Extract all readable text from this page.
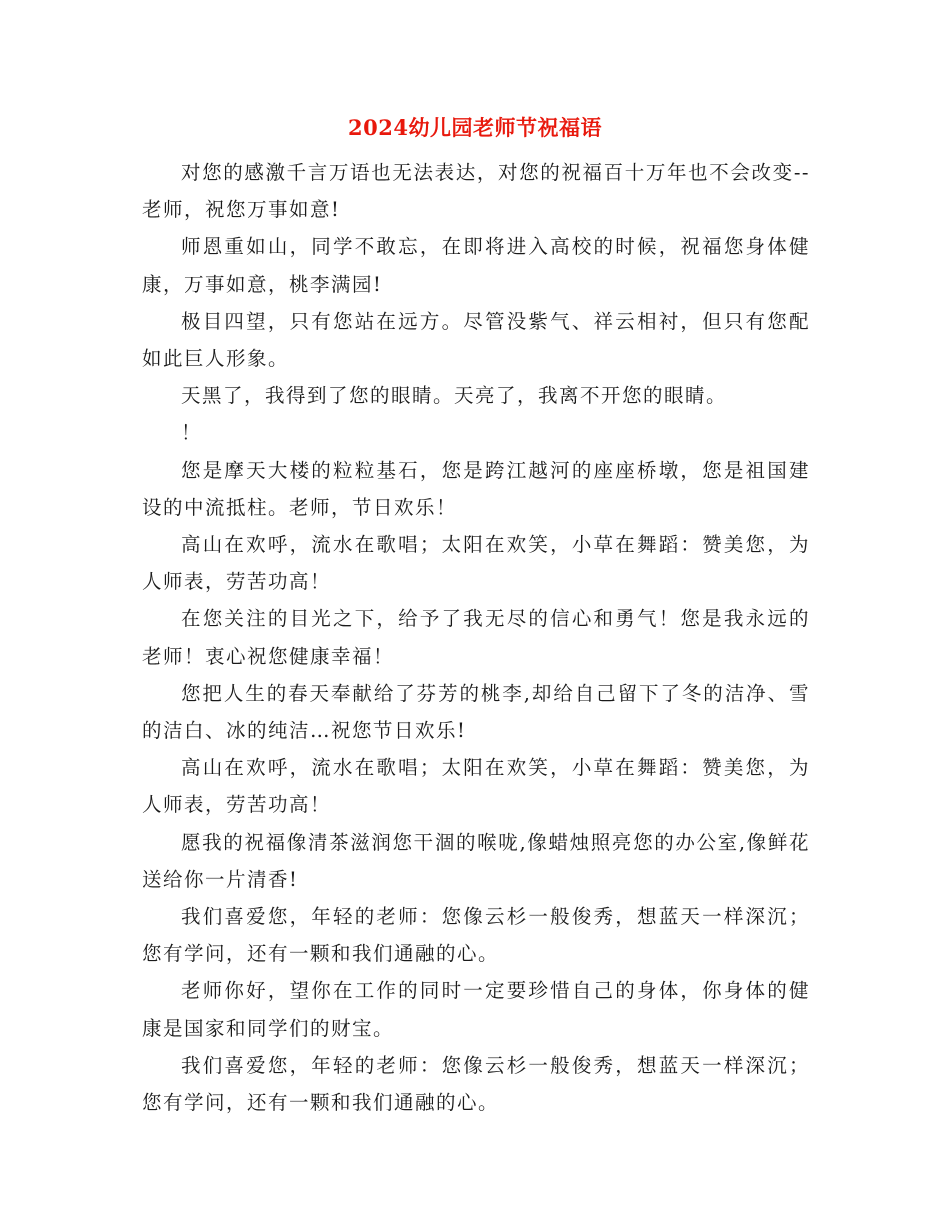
2024幼儿园老师节祝福语

对您的感激千言万语也无法表达，对您的祝福百十万年也不会改变--老师，祝您万事如意!

师恩重如山，同学不敢忘，在即将进入高校的时候，祝福您身体健康，万事如意，桃李满园!

极目四望，只有您站在远方。尽管没紫气、祥云相衬，但只有您配如此巨人形象。

天黑了，我得到了您的眼睛。天亮了，我离不开您的眼睛。

！

您是摩天大楼的粒粒基石，您是跨江越河的座座桥墩，您是祖国建设的中流抵柱。老师，节日欢乐！

高山在欢呼，流水在歌唱；太阳在欢笑，小草在舞蹈：赞美您，为人师表，劳苦功高！

在您关注的目光之下，给予了我无尽的信心和勇气！您是我永远的老师！衷心祝您健康幸福！

您把人生的春天奉献给了芬芳的桃李,却给自己留下了冬的洁净、雪的洁白、冰的纯洁…祝您节日欢乐!

高山在欢呼，流水在歌唱；太阳在欢笑，小草在舞蹈：赞美您，为人师表，劳苦功高！

愿我的祝福像清茶滋润您干涸的喉咙,像蜡烛照亮您的办公室,像鲜花送给你一片清香!

我们喜爱您，年轻的老师：您像云杉一般俊秀，想蓝天一样深沉；您有学问，还有一颗和我们通融的心。

老师你好，望你在工作的同时一定要珍惜自己的身体，你身体的健康是国家和同学们的财宝。

我们喜爱您，年轻的老师：您像云杉一般俊秀，想蓝天一样深沉；您有学问，还有一颗和我们通融的心。
